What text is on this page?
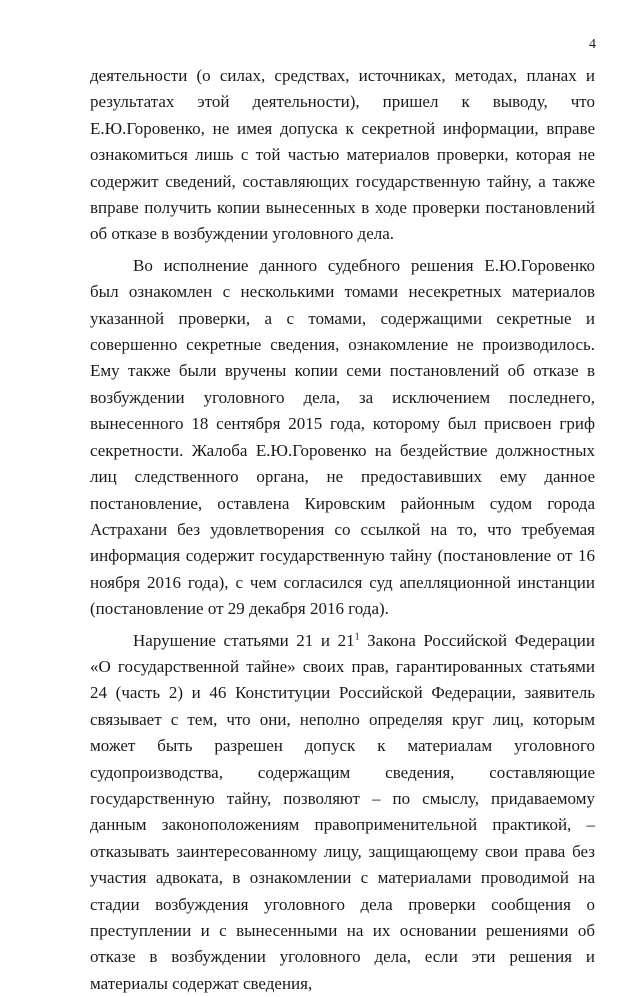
4

деятельности (о силах, средствах, источниках, методах, планах и результатах этой деятельности), пришел к выводу, что Е.Ю.Горовенко, не имея допуска к секретной информации, вправе ознакомиться лишь с той частью материалов проверки, которая не содержит сведений, составляющих государственную тайну, а также вправе получить копии вынесенных в ходе проверки постановлений об отказе в возбуждении уголовного дела.

Во исполнение данного судебного решения Е.Ю.Горовенко был ознакомлен с несколькими томами несекретных материалов указанной проверки, а с томами, содержащими секретные и совершенно секретные сведения, ознакомление не производилось. Ему также были вручены копии семи постановлений об отказе в возбуждении уголовного дела, за исключением последнего, вынесенного 18 сентября 2015 года, которому был присвоен гриф секретности. Жалоба Е.Ю.Горовенко на бездействие должностных лиц следственного органа, не предоставивших ему данное постановление, оставлена Кировским районным судом города Астрахани без удовлетворения со ссылкой на то, что требуемая информация содержит государственную тайну (постановление от 16 ноября 2016 года), с чем согласился суд апелляционной инстанции (постановление от 29 декабря 2016 года).

Нарушение статьями 21 и $21^1$ Закона Российской Федерации «О государственной тайне» своих прав, гарантированных статьями 24 (часть 2) и 46 Конституции Российской Федерации, заявитель связывает с тем, что они, неполно определяя круг лиц, которым может быть разрешен допуск к материалам уголовного судопроизводства, содержащим сведения, составляющие государственную тайну, позволяют – по смыслу, придаваемому данным законоположениям правоприменительной практикой, – отказывать заинтересованному лицу, защищающему свои права без участия адвоката, в ознакомлении с материалами проводимой на стадии возбуждения уголовного дела проверки сообщения о преступлении и с вынесенными на их основании решениями об отказе в возбуждении уголовного дела, если эти решения и материалы содержат сведения,
